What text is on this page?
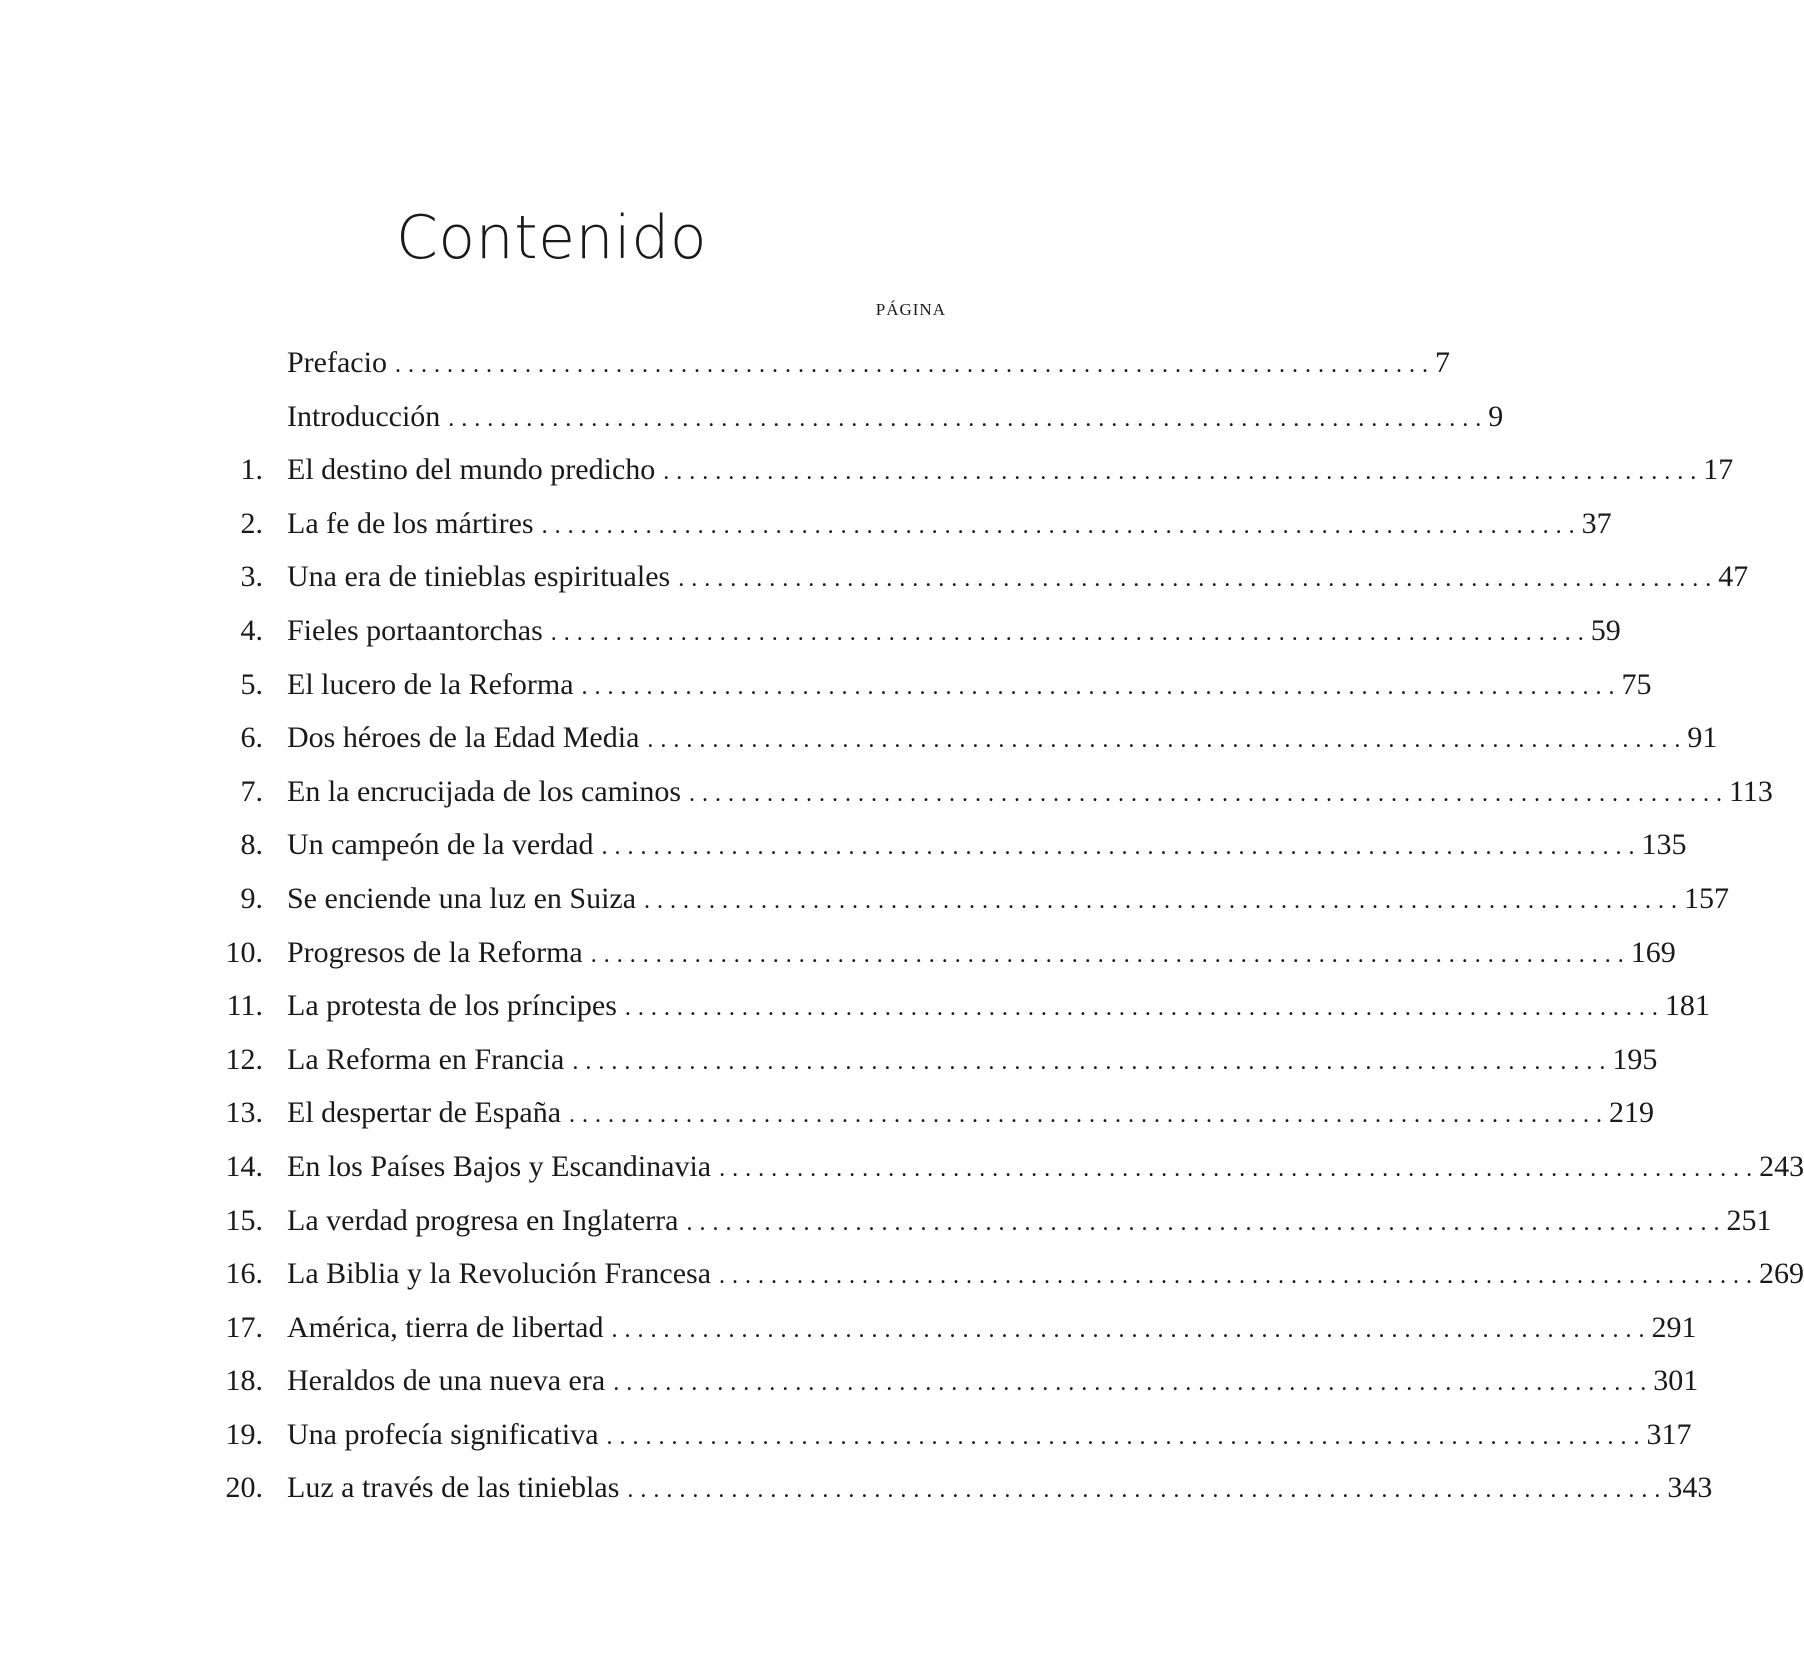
Contenido
PÁGINA
Prefacio ................................................................................ 7
Introducción ................................................................................ 9
1. El destino del mundo predicho ................................................................................ 17
2. La fe de los mártires ................................................................................ 37
3. Una era de tinieblas espirituales ................................................................................ 47
4. Fieles portaantorchas ................................................................................ 59
5. El lucero de la Reforma ................................................................................ 75
6. Dos héroes de la Edad Media ................................................................................ 91
7. En la encrucijada de los caminos ................................................................................ 113
8. Un campeón de la verdad ................................................................................ 135
9. Se enciende una luz en Suiza ................................................................................ 157
10. Progresos de la Reforma ................................................................................ 169
11. La protesta de los príncipes ................................................................................ 181
12. La Reforma en Francia ................................................................................ 195
13. El despertar de España ................................................................................ 219
14. En los Países Bajos y Escandinavia ................................................................................ 243
15. La verdad progresa en Inglaterra ................................................................................ 251
16. La Biblia y la Revolución Francesa ................................................................................ 269
17. América, tierra de libertad ................................................................................ 291
18. Heraldos de una nueva era ................................................................................ 301
19. Una profecía significativa ................................................................................ 317
20. Luz a través de las tinieblas ................................................................................ 343
